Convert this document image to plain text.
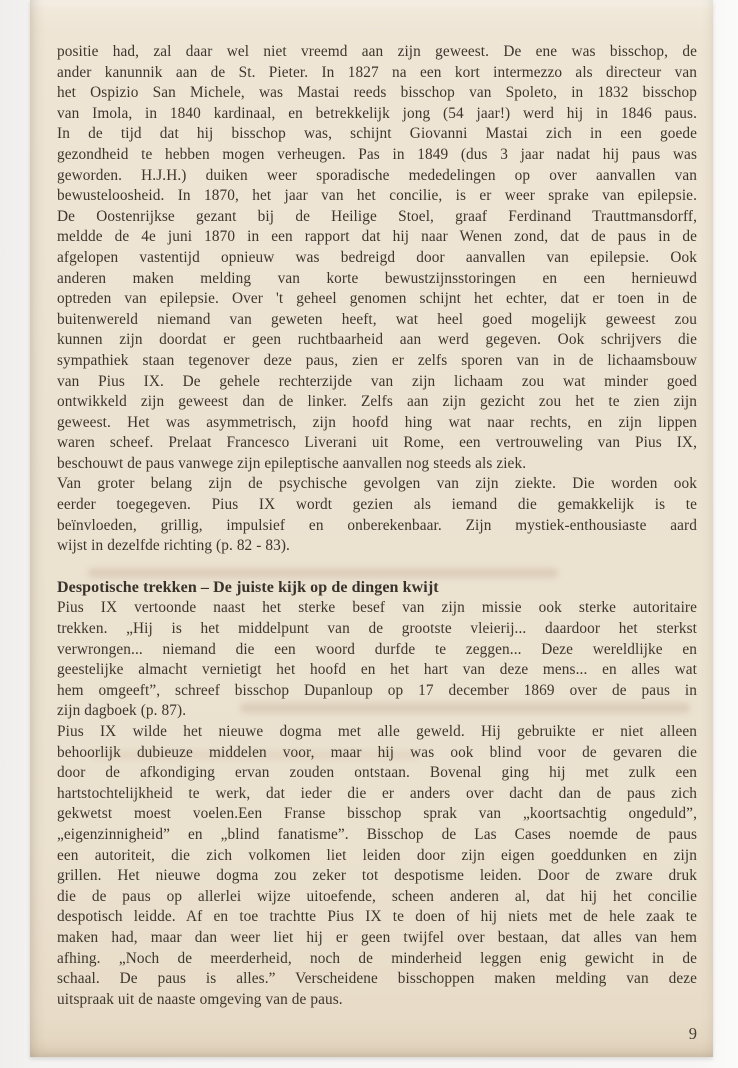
positie had, zal daar wel niet vreemd aan zijn geweest. De ene was bisschop, de
ander kanunnik aan de St. Pieter. In 1827 na een kort intermezzo als directeur van
het Ospizio San Michele, was Mastai reeds bisschop van Spoleto, in 1832 bisschop
van Imola, in 1840 kardinaal, en betrekkelijk jong (54 jaar!) werd hij in 1846 paus.
In de tijd dat hij bisschop was, schijnt Giovanni Mastai zich in een goede
gezondheid te hebben mogen verheugen. Pas in 1849 (dus 3 jaar nadat hij paus was
geworden. H.J.H.) duiken weer sporadische mededelingen op over aanvallen van
bewusteloosheid. In 1870, het jaar van het concilie, is er weer sprake van epilepsie.
De Oostenrijkse gezant bij de Heilige Stoel, graaf Ferdinand Trauttmansdorff,
meldde de 4e juni 1870 in een rapport dat hij naar Wenen zond, dat de paus in de
afgelopen vastentijd opnieuw was bedreigd door aanvallen van epilepsie. Ook
anderen maken melding van korte bewustzijnsstoringen en een hernieuwd
optreden van epilepsie. Over 't geheel genomen schijnt het echter, dat er toen in de
buitenwereld niemand van geweten heeft, wat heel goed mogelijk geweest zou
kunnen zijn doordat er geen ruchtbaarheid aan werd gegeven. Ook schrijvers die
sympathiek staan tegenover deze paus, zien er zelfs sporen van in de lichaamsbouw
van Pius IX. De gehele rechterzijde van zijn lichaam zou wat minder goed
ontwikkeld zijn geweest dan de linker. Zelfs aan zijn gezicht zou het te zien zijn
geweest. Het was asymmetrisch, zijn hoofd hing wat naar rechts, en zijn lippen
waren scheef. Prelaat Francesco Liverani uit Rome, een vertrouweling van Pius IX,
beschouwt de paus vanwege zijn epileptische aanvallen nog steeds als ziek.
Van groter belang zijn de psychische gevolgen van zijn ziekte. Die worden ook
eerder toegegeven. Pius IX wordt gezien als iemand die gemakkelijk is te
beïnvloeden, grillig, impulsief en onberekenbaar. Zijn mystiek-enthousiaste aard
wijst in dezelfde richting (p. 82 - 83).
Despotische trekken – De juiste kijk op de dingen kwijt
Pius IX vertoonde naast het sterke besef van zijn missie ook sterke autoritaire
trekken. „Hij is het middelpunt van de grootste vleierij... daardoor het sterkst
verwrongen... niemand die een woord durfde te zeggen... Deze wereldlijke en
geestelijke almacht vernietigt het hoofd en het hart van deze mens... en alles wat
hem omgeeft”, schreef bisschop Dupanloup op 17 december 1869 over de paus in
zijn dagboek (p. 87).
Pius IX wilde het nieuwe dogma met alle geweld. Hij gebruikte er niet alleen
behoorlijk dubieuze middelen voor, maar hij was ook blind voor de gevaren die
door de afkondiging ervan zouden ontstaan. Bovenal ging hij met zulk een
hartstochtelijkheid te werk, dat ieder die er anders over dacht dan de paus zich
gekwetst moest voelen.Een Franse bisschop sprak van „koortsachtig ongeduld”,
„eigenzinnigheid” en „blind fanatisme”. Bisschop de Las Cases noemde de paus
een autoriteit, die zich volkomen liet leiden door zijn eigen goeddunken en zijn
grillen. Het nieuwe dogma zou zeker tot despotisme leiden. Door de zware druk
die de paus op allerlei wijze uitoefende, scheen anderen al, dat hij het concilie
despotisch leidde. Af en toe trachtte Pius IX te doen of hij niets met de hele zaak te
maken had, maar dan weer liet hij er geen twijfel over bestaan, dat alles van hem
afhing. „Noch de meerderheid, noch de minderheid leggen enig gewicht in de
schaal. De paus is alles.” Verscheidene bisschoppen maken melding van deze
uitspraak uit de naaste omgeving van de paus.
9
